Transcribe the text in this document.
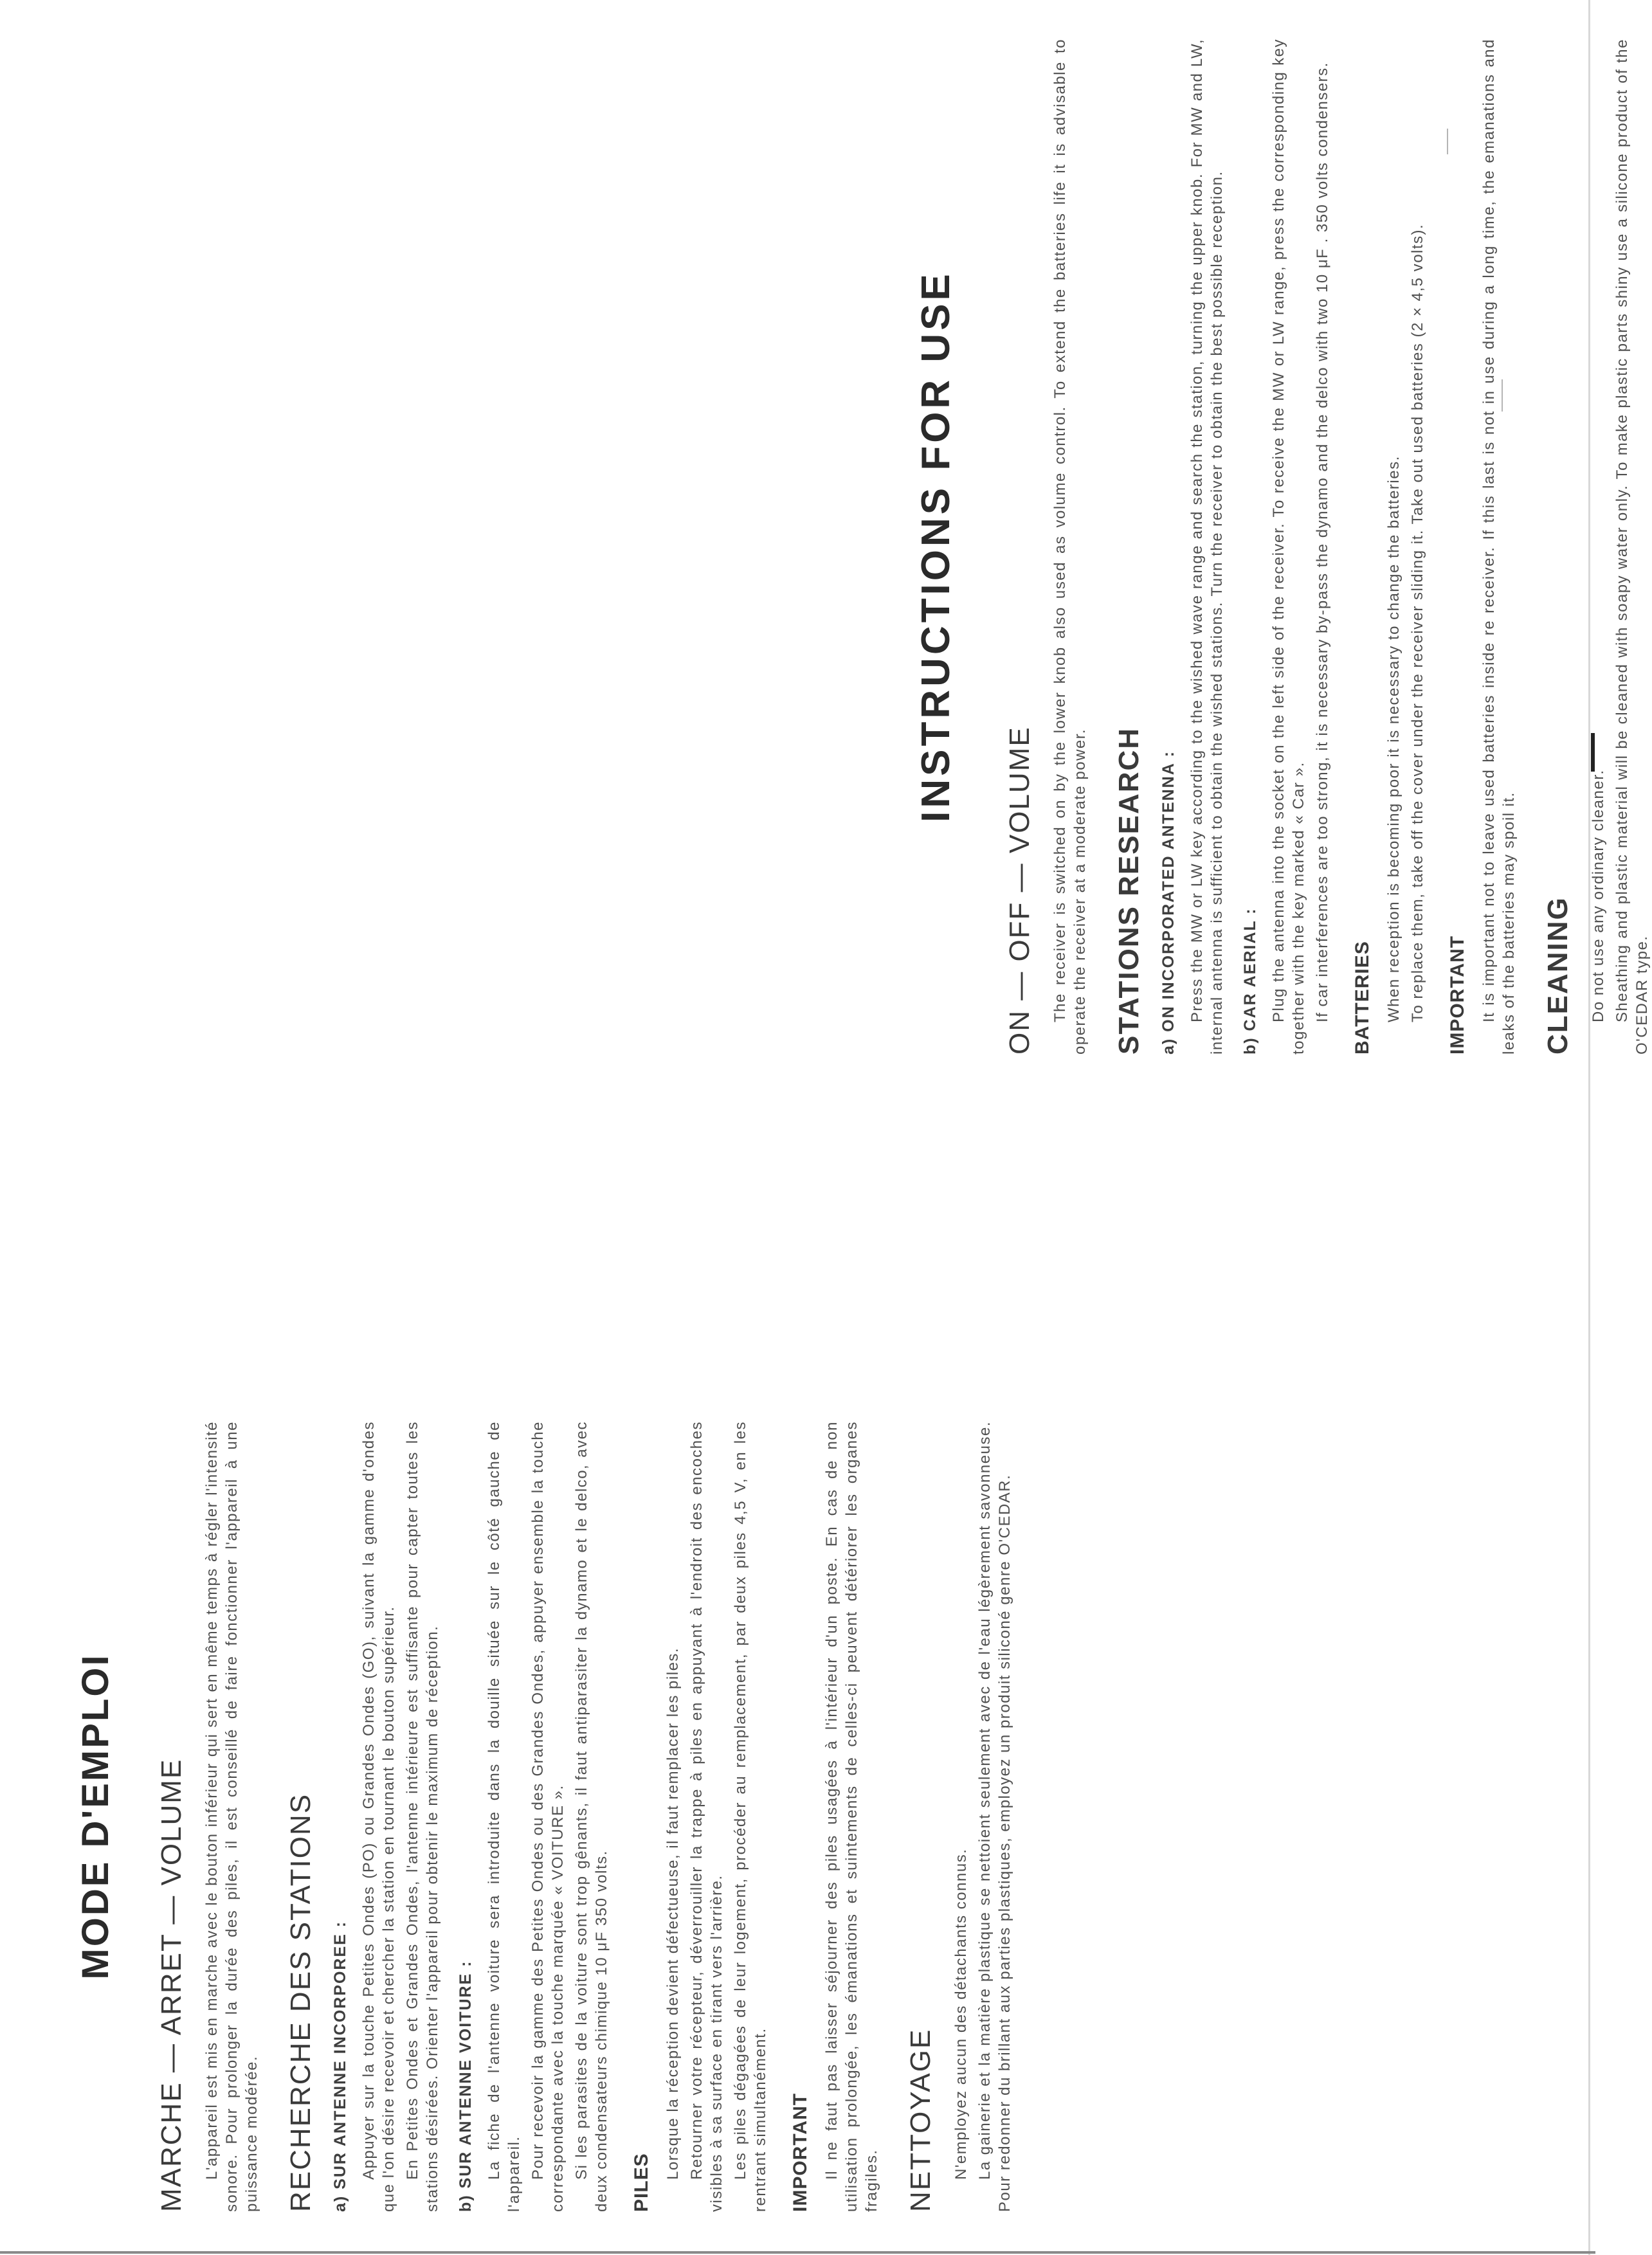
MODE D'EMPLOI MARCHE — ARRET — VOLUME L'appareil est mis en marche avec le bouton inférieur qui sert en même temps à régler l'intensité sonore. Pour prolonger la durée des piles, il est conseillé de faire fonctionner l'appareil à une puissance modérée. RECHERCHE DES STATIONS a) SUR ANTENNE INCORPOREE : Appuyer sur la touche Petites Ondes (PO) ou Grandes Ondes (GO), suivant la gamme d'ondes que l'on désire recevoir et chercher la station en tournant le bouton supérieur. En Petites Ondes et Grandes Ondes, l'antenne intérieure est suffisante pour capter toutes les stations désirées. Orienter l'appareil pour obtenir le maximum de réception. b) SUR ANTENNE VOITURE : La fiche de l'antenne voiture sera introduite dans la douille située sur le côté gauche de l'appareil. Pour recevoir la gamme des Petites Ondes ou des Grandes Ondes, appuyer ensemble la touche correspondante avec la touche marquée « VOITURE ». Si les parasites de la voiture sont trop gênants, il faut antiparasiter la dynamo et le delco, avec deux condensateurs chimique 10 μF 350 volts. PILES

Lorsque la réception devient défectueuse, il faut remplacer les piles. Retourner votre récepteur, déverrouiller la trappe à piles en appuyant à l'endroit des encoches visibles à sa surface en tirant vers l'arrière. Les piles dégagées de leur logement, procéder au remplacement, par deux piles 4,5 V, en les rentrant simultanément. IMPORTANT Il ne faut pas laisser séjourner des piles usagées à l'intérieur d'un poste. En cas de non utilisation prolongée, les émanations et suintements de celles-ci peuvent détériorer les organes fragiles. NETTOYAGE N'employez aucun des détachants connus. La gainerie et la matière plastique se nettoient seulement avec de l'eau légèrement savonneuse. Pour redonner du brillant aux parties plastiques, employez un produit siliconé genre O'CEDAR.

INSTRUCTIONS FOR USE
ON — OFF — VOLUME The receiver is switched on by the lower knob also used as volume control. To extend the batteries life it is advisable to operate the receiver at a moderate power. STATIONS RESEARCH a) ON INCORPORATED ANTENNA : Press the MW or LW key according to the wished wave range and search the station, turning the upper knob. For MW and LW, internal antenna is sufficient to obtain the wished stations. Turn the receiver to obtain the best possible reception. b) CAR AERIAL : Plug the antenna into the socket on the left side of the receiver. To receive the MW or LW range, press the corresponding key together with the key marked « Car ». If car interferences are too strong, it is necessary by-pass the dynamo and the delco with two 10 μF . 350 volts condensers. BATTERIES When reception is becoming poor it is necessary to change the batteries. To replace them, take off the cover under the receiver sliding it. Take out used batteries (2 × 4,5 volts). IMPORTANT It is important not to leave used batteries inside re receiver. If this last is not in use during a long time, the emanations and leaks of the batteries may spoil it. CLEANING Do not use any ordinary cleaner. Sheathing and plastic material will be cleaned with soapy water only. To make plastic parts shiny use a silicone product of the O'CEDAR type.
